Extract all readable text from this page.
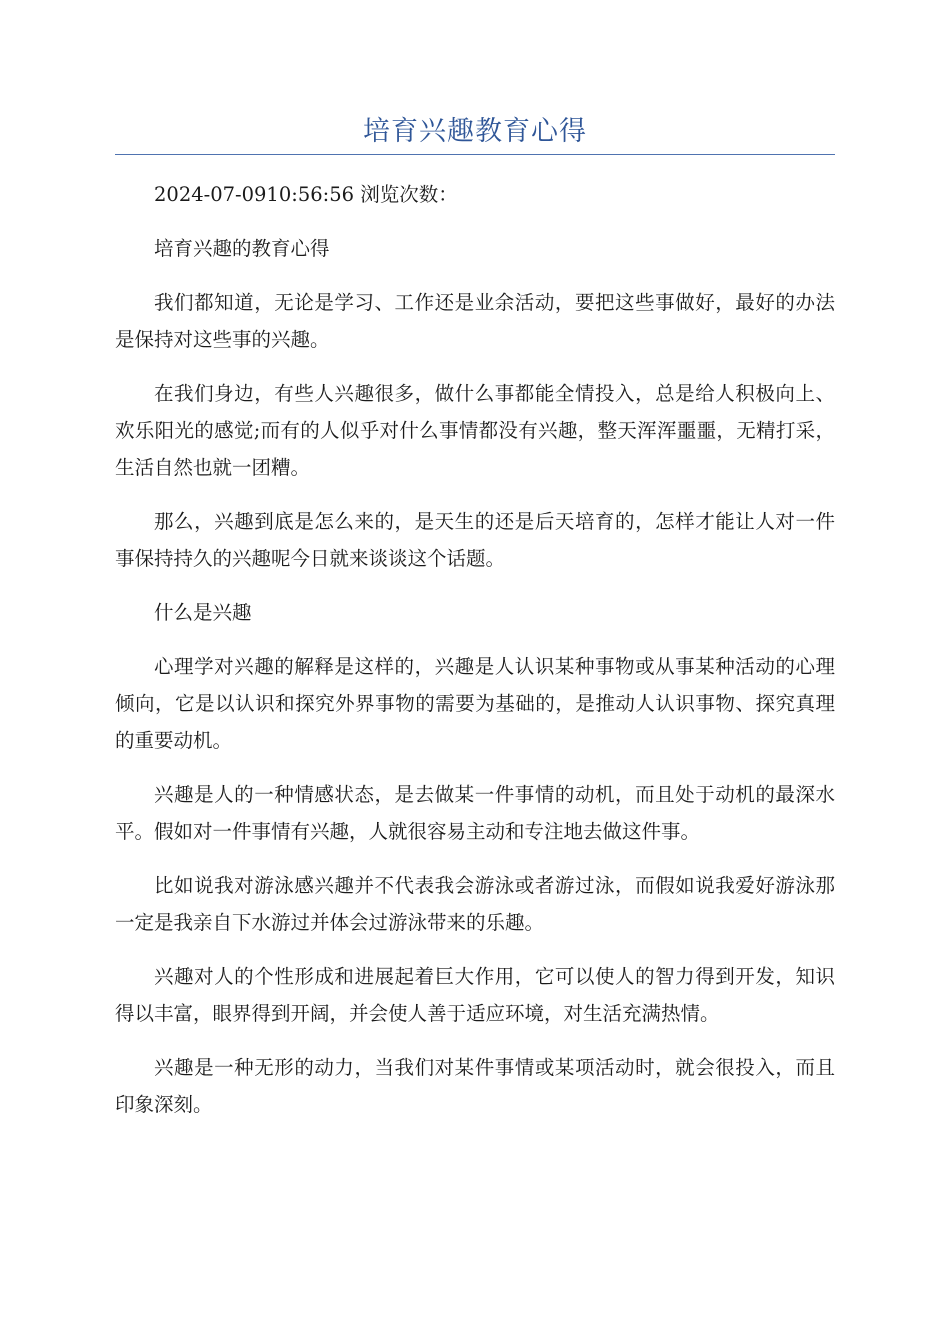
培育兴趣教育心得

2024-07-0910:56:56 浏览次数：

培育兴趣的教育心得

我们都知道，无论是学习、工作还是业余活动，要把这些事做好，最好的办法是保持对这些事的兴趣。

在我们身边，有些人兴趣很多，做什么事都能全情投入，总是给人积极向上、欢乐阳光的感觉;而有的人似乎对什么事情都没有兴趣，整天浑浑噩噩，无精打采，生活自然也就一团糟。

那么，兴趣到底是怎么来的，是天生的还是后天培育的，怎样才能让人对一件事保持持久的兴趣呢今日就来谈谈这个话题。

什么是兴趣

心理学对兴趣的解释是这样的，兴趣是人认识某种事物或从事某种活动的心理倾向，它是以认识和探究外界事物的需要为基础的，是推动人认识事物、探究真理的重要动机。

兴趣是人的一种情感状态，是去做某一件事情的动机，而且处于动机的最深水平。假如对一件事情有兴趣，人就很容易主动和专注地去做这件事。

比如说我对游泳感兴趣并不代表我会游泳或者游过泳，而假如说我爱好游泳那一定是我亲自下水游过并体会过游泳带来的乐趣。

兴趣对人的个性形成和进展起着巨大作用，它可以使人的智力得到开发，知识得以丰富，眼界得到开阔，并会使人善于适应环境，对生活充满热情。

兴趣是一种无形的动力，当我们对某件事情或某项活动时，就会很投入，而且印象深刻。
